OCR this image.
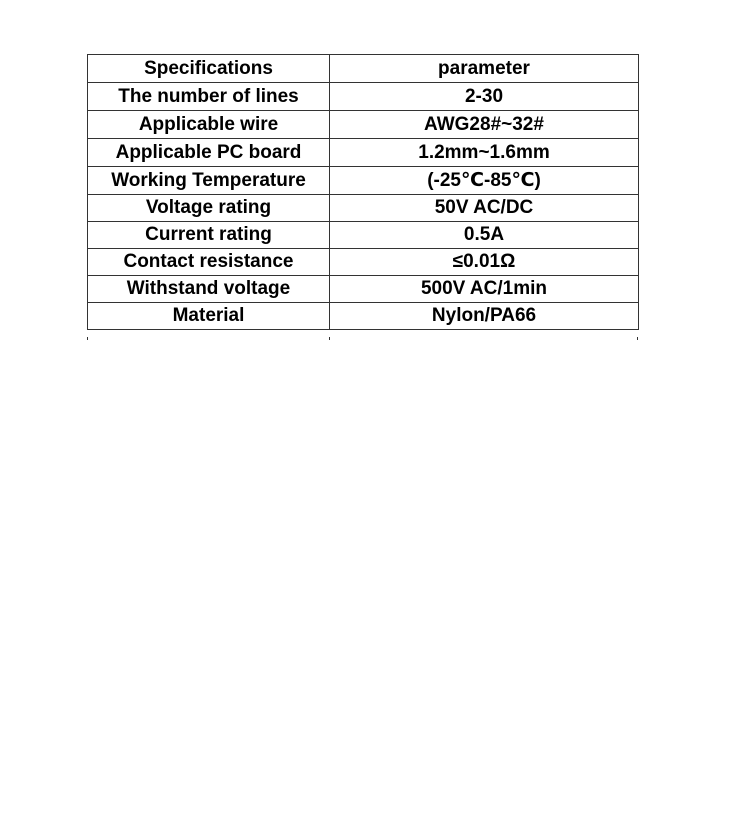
Specifications	parameter
The number of lines	2-30
Applicable wire	AWG28#~32#
Applicable PC board	1.2mm~1.6mm
Working Temperature	(-25℃-85℃)
Voltage rating	50V AC/DC
Current rating	0.5A
Contact resistance	≤0.01Ω
Withstand voltage	500V AC/1min
Material	Nylon/PA66
